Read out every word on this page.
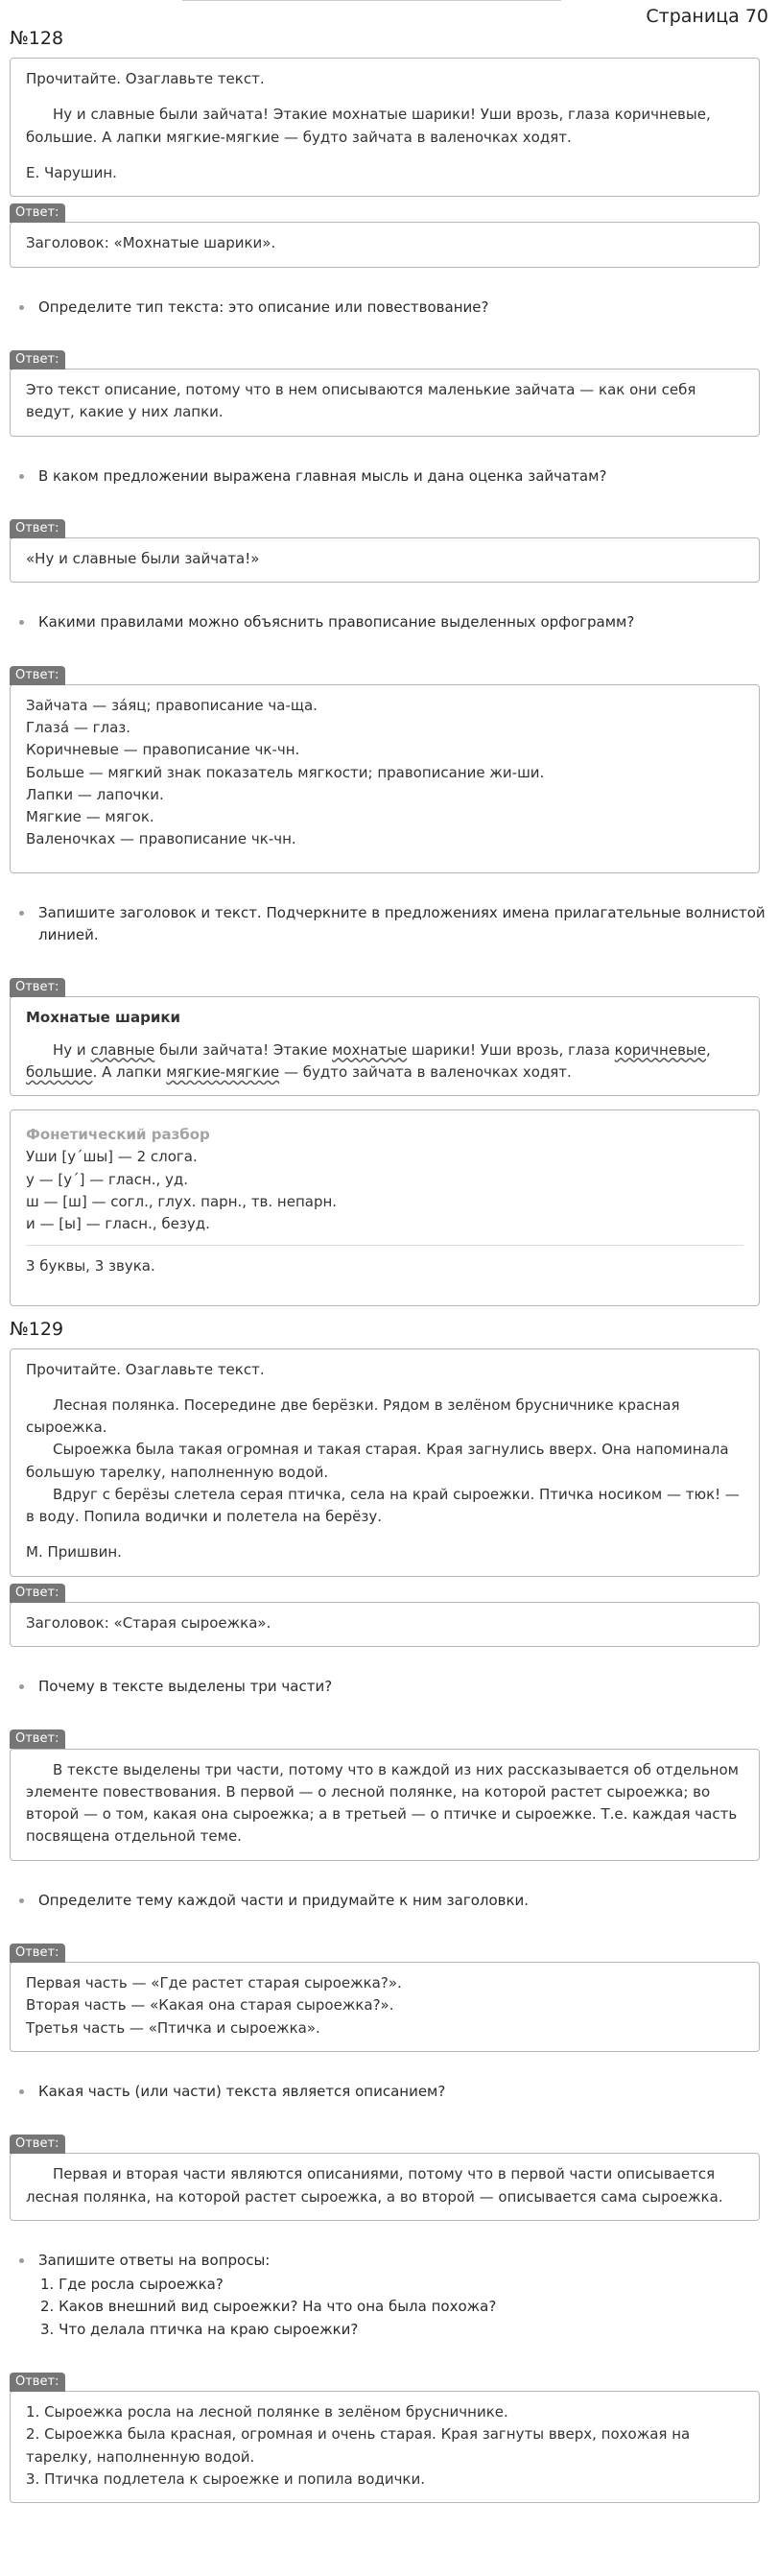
Страница 70
№128

Прочитайте. Озаглавьте текст.

Ну и славные были зайчата! Этакие мохнатые шарики! Уши врозь, глаза коричневые, большие. А лапки мягкие-мягкие — будто зайчата в валеночках ходят.

Е. Чарушин.

Ответ:

Заголовок: «Мохнатые шарики».

Определите тип текста: это описание или повествование?
Ответ:

Это текст описание, потому что в нем описываются маленькие зайчата — как они себя ведут, какие у них лапки.

В каком предложении выражена главная мысль и дана оценка зайчатам?
Ответ:

«Ну и славные были зайчата!»

Какими правилами можно объяснить правописание выделенных орфограмм?
Ответ:

Зайчата — за́яц; правописание ча-ща.

Глаза́ — глаз.

Коричневые — правописание чк-чн.

Больше — мягкий знак показатель мягкости; правописание жи-ши.

Лапки — лапочки.

Мягкие — мягок.

Валеночках — правописание чк-чн.

Запишите заголовок и текст. Подчеркните в предложениях имена прилагательные волнистой линией.
Ответ:

Мохнатые шарики

Ну и славные были зайчата! Этакие мохнатые шарики! Уши врозь, глаза коричневые, большие. А лапки мягкие-мягкие — будто зайчата в валеночках ходят.

Фонетический разбор

Уши [у´шы] — 2 слога.

у — [у´] — гласн., уд.

ш — [ш] — согл., глух. парн., тв. непарн.

и — [ы] — гласн., безуд.

3 буквы, 3 звука.

№129

Прочитайте. Озаглавьте текст.

Лесная полянка. Посередине две берёзки. Рядом в зелёном брусничнике красная сыроежка.

Сыроежка была такая огромная и такая старая. Края загнулись вверх. Она напоминала большую тарелку, наполненную водой.

Вдруг с берёзы слетела серая птичка, села на край сыроежки. Птичка носиком — тюк! — в воду. Попила водички и полетела на берёзу.

М. Пришвин.

Ответ:

Заголовок: «Старая сыроежка».

Почему в тексте выделены три части?
Ответ:

В тексте выделены три части, потому что в каждой из них рассказывается об отдельном элементе повествования. В первой — о лесной полянке, на которой растет сыроежка; во второй — о том, какая она сыроежка; а в третьей — о птичке и сыроежке. Т.е. каждая часть посвящена отдельной теме.

Определите тему каждой части и придумайте к ним заголовки.
Ответ:

Первая часть — «Где растет старая сыроежка?».

Вторая часть — «Какая она старая сыроежка?».

Третья часть — «Птичка и сыроежка».

Какая часть (или части) текста является описанием?
Ответ:

Первая и вторая части являются описаниями, потому что в первой части описывается лесная полянка, на которой растет сыроежка, а во второй — описывается сама сыроежка.

Запишите ответы на вопросы:
1. Где росла сыроежка?
2. Каков внешний вид сыроежки? На что она была похожа?
3. Что делала птичка на краю сыроежки?
Ответ:

1. Сыроежка росла на лесной полянке в зелёном брусничнике.

2. Сыроежка была красная, огромная и очень старая. Края загнуты вверх, похожая на тарелку, наполненную водой.

3. Птичка подлетела к сыроежке и попила водички.
